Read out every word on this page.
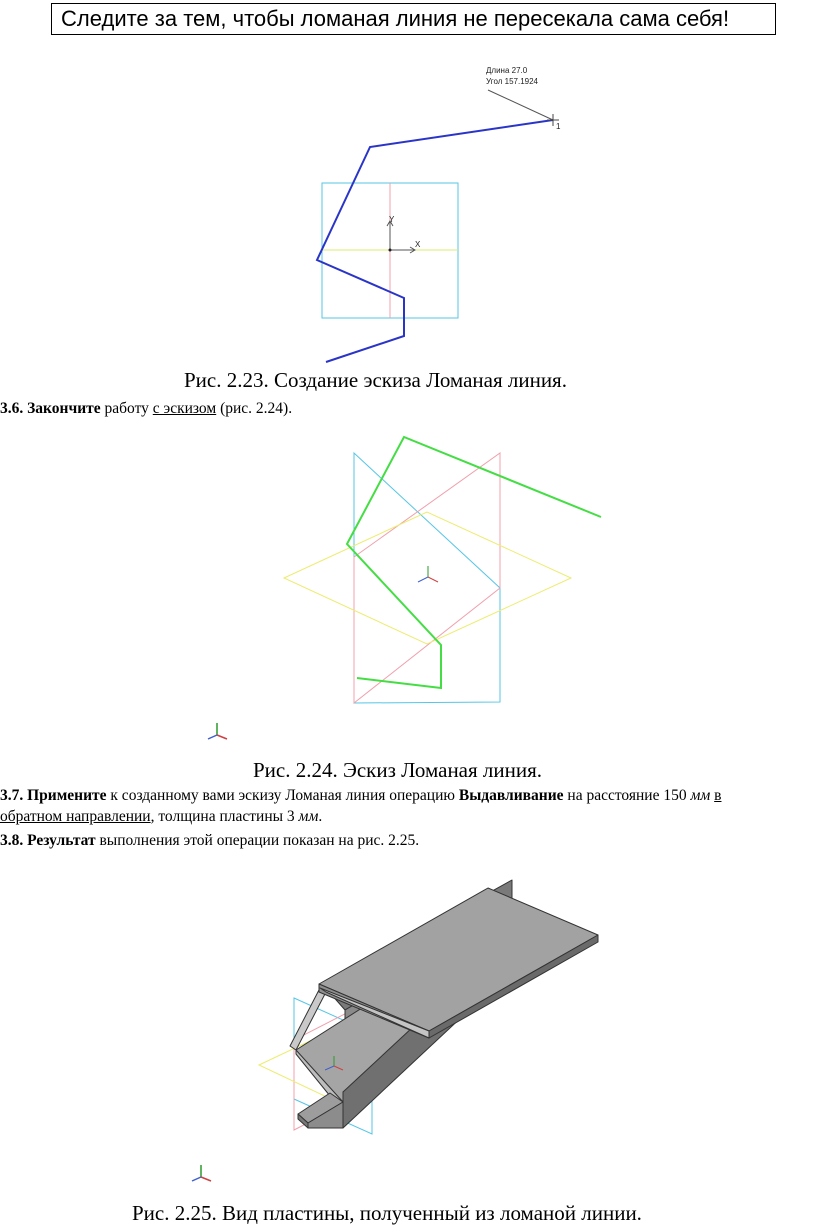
Следите за тем, чтобы ломаная линия не пересекала сама себя!
Y
X
Длина 27.0
Угол 157.1924
1
Рис. 2.23. Создание эскиза Ломаная линия.
3.6. Закончите работу с эскизом (рис. 2.24).
Рис. 2.24. Эскиз Ломаная линия.
3.7. Примените к созданному вами эскизу Ломаная линия операцию Выдавливание на расстояние 150 мм в
обратном направлении, толщина пластины 3 мм.
3.8. Результат выполнения этой операции показан на рис. 2.25.
Рис. 2.25. Вид пластины, полученный из ломаной линии.
